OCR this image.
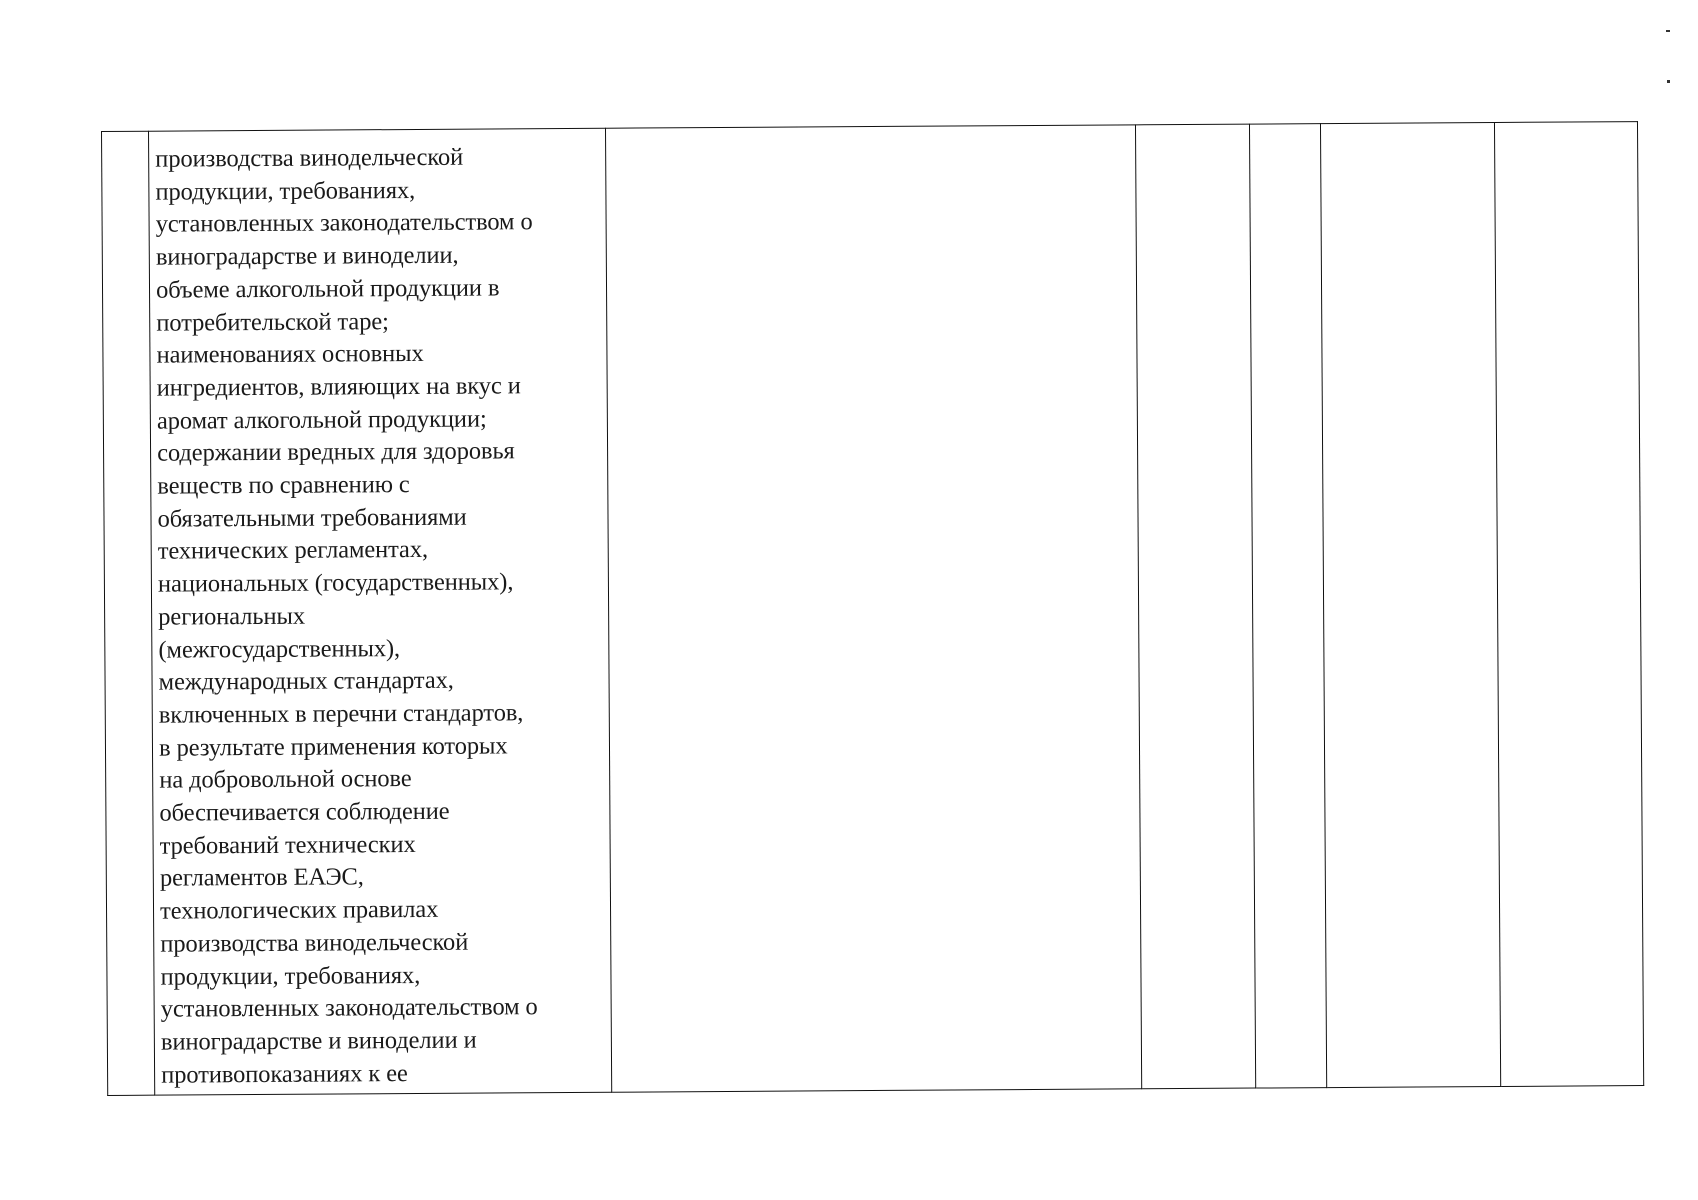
производства винодельческой
продукции, требованиях,
установленных законодательством о
виноградарстве и виноделии,
объеме алкогольной продукции в
потребительской таре;
наименованиях основных
ингредиентов, влияющих на вкус и
аромат алкогольной продукции;
содержании вредных для здоровья
веществ по сравнению с
обязательными требованиями
технических регламентах,
национальных (государственных),
региональных
(межгосударственных),
международных стандартах,
включенных в перечни стандартов,
в результате применения которых
на добровольной основе
обеспечивается соблюдение
требований технических
регламентов ЕАЭС,
технологических правилах
производства винодельческой
продукции, требованиях,
установленных законодательством о
виноградарстве и виноделии и
противопоказаниях к ее
